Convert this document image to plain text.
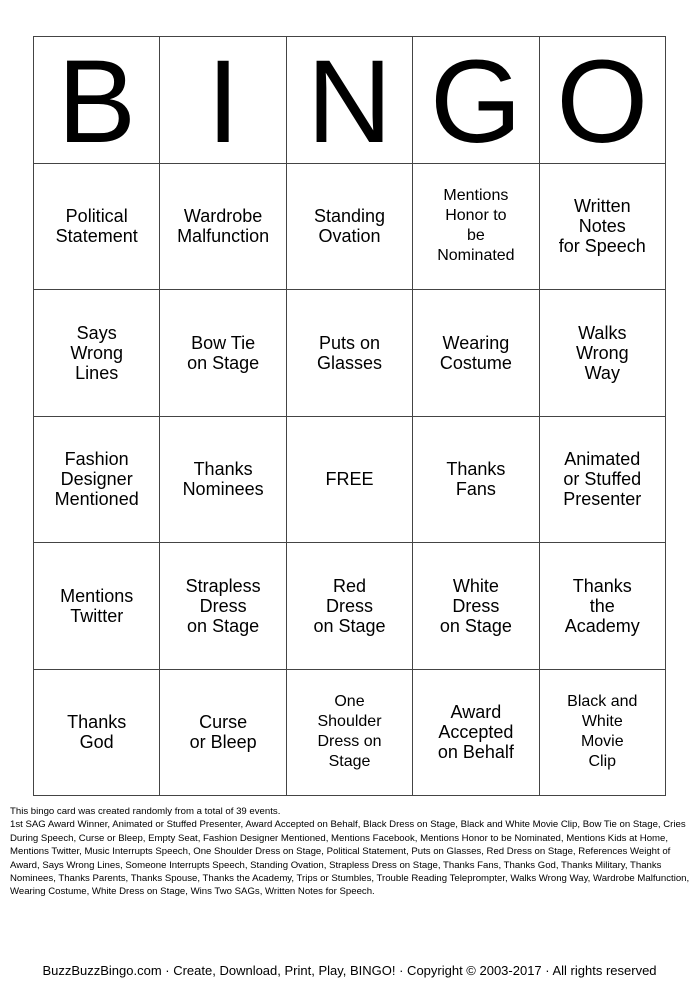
B I N G O
Political
Statement
Wardrobe
Malfunction
Standing
Ovation
Mentions
Honor to
be
Nominated
Written
Notes
for Speech
Says
Wrong
Lines
Bow Tie
on Stage
Puts on
Glasses
Wearing
Costume
Walks
Wrong
Way
Fashion
Designer
Mentioned
Thanks
Nominees	FREE	Thanks
Fans
Animated
or Stuffed
Presenter
Mentions
Twitter
Strapless
Dress
on Stage
Red
Dress
on Stage
White
Dress
on Stage
Thanks
the
Academy
Thanks
God
Curse
or Bleep
One
Shoulder
Dress on
Stage
Award
Accepted
on Behalf
Black and
White
Movie
Clip
This bingo card was created randomly from a total of 39 events.
1st SAG Award Winner, Animated or Stuffed Presenter, Award Accepted on Behalf, Black Dress on Stage, Black and White Movie Clip, Bow Tie on Stage, Cries During Speech, Curse or Bleep, Empty Seat, Fashion Designer Mentioned, Mentions Facebook, Mentions Honor to be Nominated, Mentions Kids at Home, Mentions Twitter, Music Interrupts Speech, One Shoulder Dress on Stage, Political Statement, Puts on Glasses, Red Dress on Stage, References Weight of Award, Says Wrong Lines, Someone Interrupts Speech, Standing Ovation, Strapless Dress on Stage, Thanks Fans, Thanks God, Thanks Military, Thanks Nominees, Thanks Parents, Thanks Spouse, Thanks the Academy, Trips or Stumbles, Trouble Reading Teleprompter, Walks Wrong Way, Wardrobe Malfunction, Wearing Costume, White Dress on Stage, Wins Two SAGs, Written Notes for Speech.
BuzzBuzzBingo.com · Create, Download, Print, Play, BINGO! · Copyright © 2003-2017 · All rights reserved
